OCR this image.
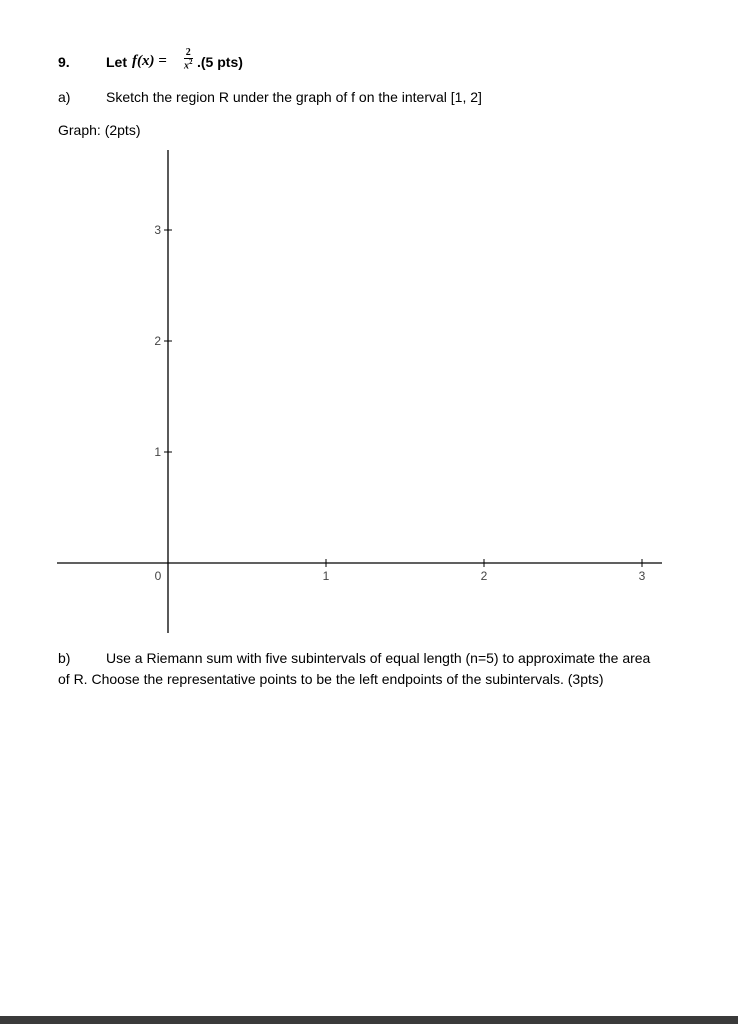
9.	Let $f(x) = \frac{2}{x^2} .(5$ pts)
a)	Sketch the region R under the graph of f on the interval [1, 2]
Graph: (2pts)
0	1	2	3
1
2
3
b)	Use a Riemann sum with five subintervals of equal length (n=5) to approximate the area
of R. Choose the representative points to be the left endpoints of the subintervals. (3pts)
